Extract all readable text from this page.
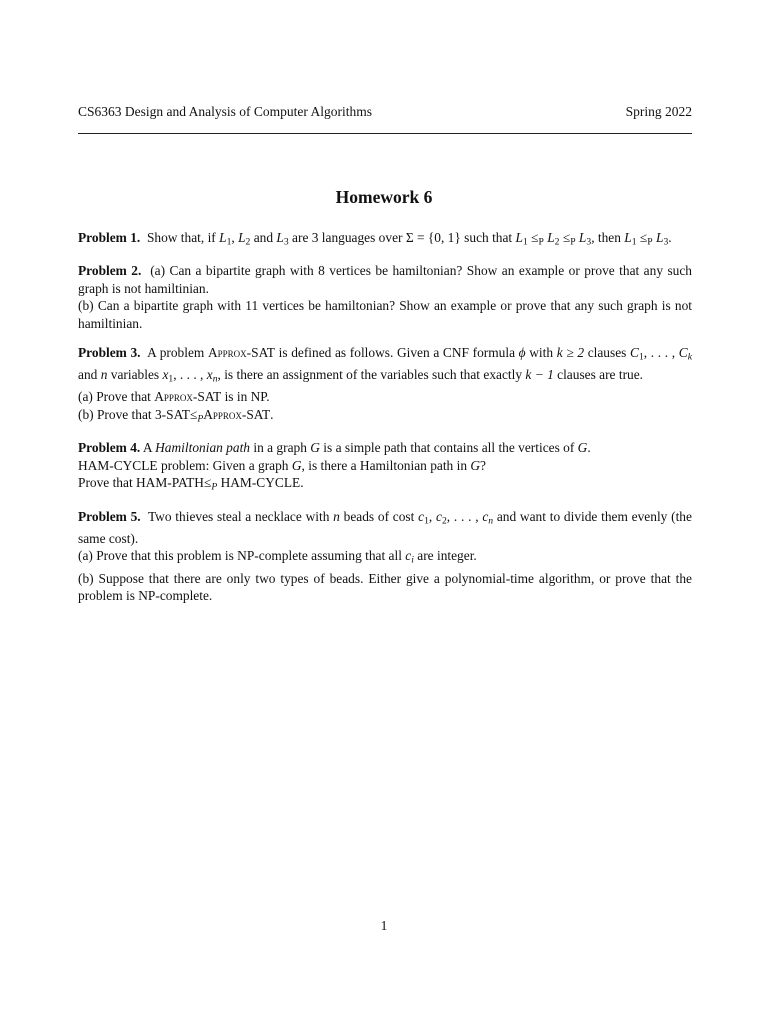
CS6363 Design and Analysis of Computer Algorithms	Spring 2022
Homework 6

Problem 1. Show that, if $L_1$, $L_2$ and $L_3$ are 3 languages over Σ = {0, 1} such that $L_1 \le_P$ $L_2 \le_P$ $L_3$, then $L_1 \le_P$ $L_3$.

Problem 2. (a) Can a bipartite graph with 8 vertices be hamiltonian? Show an example or prove that any such graph is not hamiltinian.

(b) Can a bipartite graph with 11 vertices be hamiltonian? Show an example or prove that any such graph is not hamiltinian.

Problem 3. A problem Approx-SAT is defined as follows. Given a CNF formula ϕ with k ≥ 2 clauses $C_1$, . . . , $C_k$ and n variables $x_1$, . . . , $x_n$, is there an assignment of the variables such that exactly k − 1 clauses are true.

(a) Prove that Approx-SAT is in NP.

(b) Prove that $3-SAT\le_PApprox$-SAT.

Problem 4. A Hamiltonian path in a graph G is a simple path that contains all the vertices of G.

HAM-CYCLE problem: Given a graph G, is there a Hamiltonian path in G?

Prove that HAM-$PATH\le_P$ HAM-CYCLE.

Problem 5. Two thieves steal a necklace with n beads of cost $c_1$, $c_2$, . . . , $c_n$ and want to divide them evenly (the same cost).

(a) Prove that this problem is NP-complete assuming that all $c_i$ are integer.

(b) Suppose that there are only two types of beads. Either give a polynomial-time algorithm, or prove that the problem is NP-complete.

1
